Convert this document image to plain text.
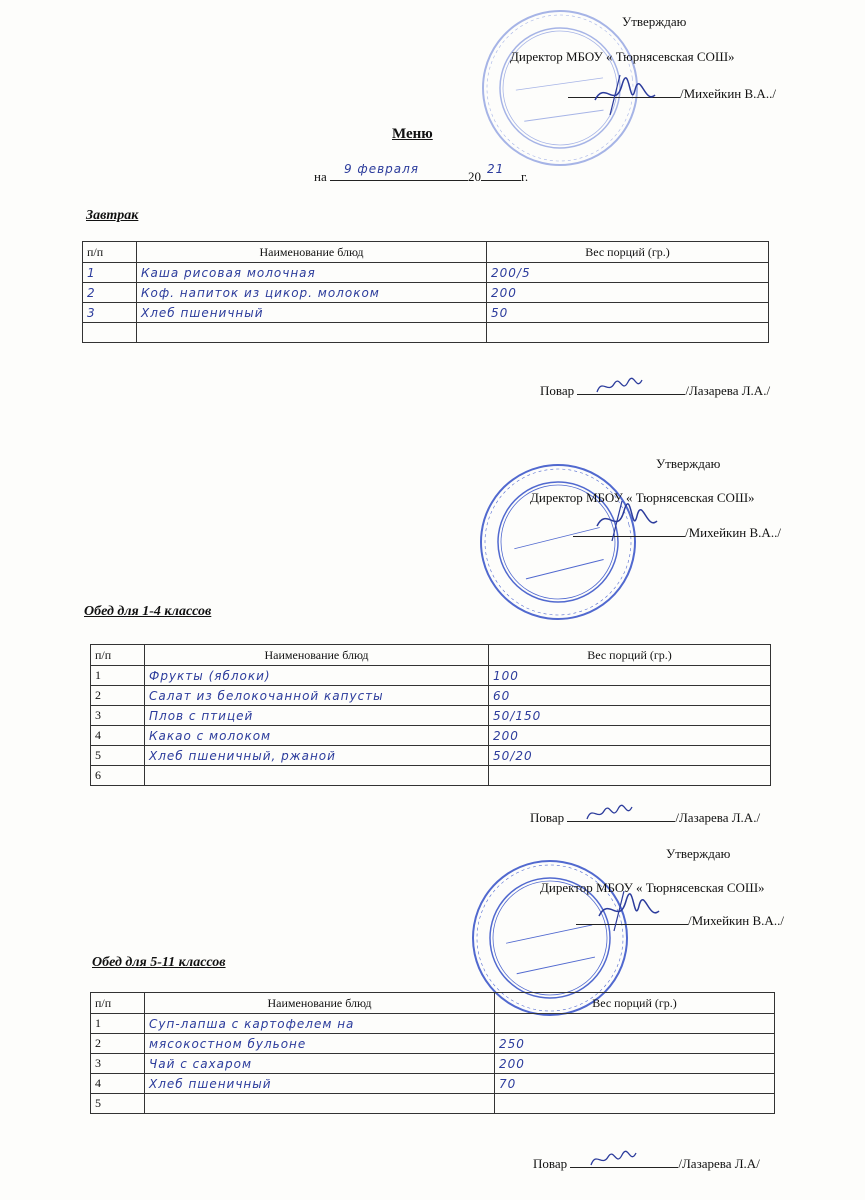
Утверждаю
Директор МБОУ « Тюрнясевская СОШ»
/Михейкин В.А../
Меню
на 9 февраля	20 21 г.
Завтрак
п/п	Наименование блюд	Вес порций (гр.)
1	Каша рисовая молочная	200/5
2	Коф. напиток из цикор. молоком	200
3	Хлеб пшеничный	50

Повар	/Лазарева Л.А./
Утверждаю
Директор МБОУ « Тюрнясевская СОШ»
/Михейкин В.А../
Обед для 1-4 классов
п/п	Наименование блюд	Вес порций (гр.)
1	Фрукты (яблоки)	100
2	Салат из белокочанной капусты	60
3	Плов с птицей	50/150
4	Какао с молоком	200
5	Хлеб пшеничный, ржаной	50/20
6		
Повар	/Лазарева Л.А./
Утверждаю
Директор МБОУ « Тюрнясевская СОШ»
/Михейкин В.А../
Обед для 5-11 классов
п/п	Наименование блюд	Вес порций (гр.)
1	Суп-лапша с картофелем на	
2	мясокостном бульоне	250
3	Чай с сахаром	200
4	Хлеб пшеничный	70
5		
Повар	/Лазарева Л.А/
